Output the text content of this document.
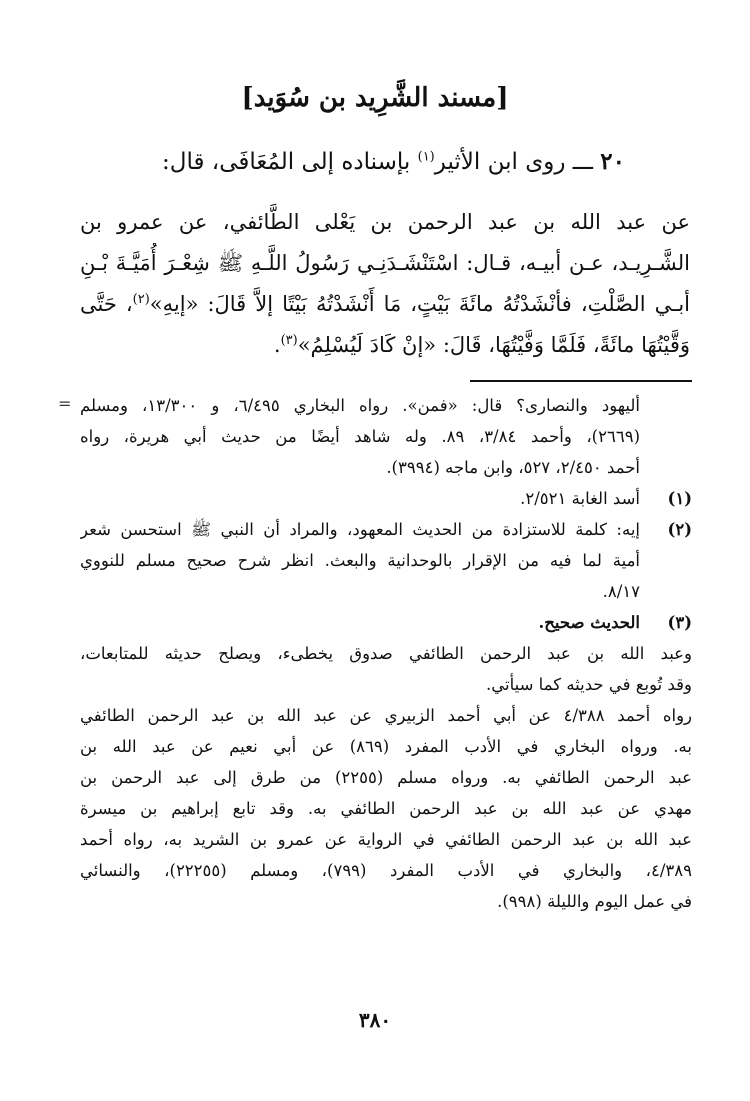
[مسند الشَّرِيد بن سُوَيد]
٢٠ ـــ روى ابن الأثير$^{(١)}$ بإسناده إلى المُعَافَى، قال:
عن عبد الله بن عبد الرحمن بن يَعْلى الطَّائفي، عن عمرو بن
الشَّـرِيـد، عـن أبيـه، قـال: اسْتَنْشَـدَنِـي رَسُولُ اللَّـهِ ﷺ شِعْـرَ أُمَيَّـةَ بْـنِ
أبـي الصَّلْتِ، فأنْشَدْتُهُ مائَةَ بَيْتٍ، مَا أَنْشَدْتُهُ بَيْتًا إلاَّ قَالَ: «إيهِ»$^{(٢)}$، حَتَّى
وَقَّيْتُهَا مائَةً، فَلَمَّا وَفَّيْتُهَا، قَالَ: «إنْ كَادَ لَيُسْلِمُ»$^{(٣)}$.
= أليهود والنصارى؟ قال: «فمن». رواه البخاري ٦/٤٩٥، و ١٣/٣٠٠، ومسلم
(٢٦٦٩)، وأحمد ٣/٨٤، ٨٩. وله شاهد أيضًا من حديث أبي هريرة، رواه
أحمد ٢/٤٥٠، ٥٢٧، وابن ماجه (٣٩٩٤).
(١)
أسد الغابة ٢/٥٢١.
(٢)
إيه: كلمة للاستزادة من الحديث المعهود، والمراد أن النبي ﷺ استحسن شعر
أمية لما فيه من الإقرار بالوحدانية والبعث. انظر شرح صحيح مسلم للنووي
٨/١٧.
(٣)
الحديث صحيح.
وعبد الله بن عبد الرحمن الطائفي صدوق يخطىء، ويصلح حديثه للمتابعات،
وقد تُوبع في حديثه كما سيأتي.
رواه أحمد ٤/٣٨٨ عن أبي أحمد الزبيري عن عبد الله بن عبد الرحمن الطائفي
به. ورواه البخاري في الأدب المفرد (٨٦٩) عن أبي نعيم عن عبد الله بن
عبد الرحمن الطائفي به. ورواه مسلم (٢٢٥٥) من طرق إلى عبد الرحمن بن
مهدي عن عبد الله بن عبد الرحمن الطائفي به. وقد تابع إبراهيم بن ميسرة
عبد الله بن عبد الرحمن الطائفي في الرواية عن عمرو بن الشريد به، رواه أحمد
٤/٣٨٩، والبخاري في الأدب المفرد (٧٩٩)، ومسلم (٢٢٢٥٥)، والنسائي
في عمل اليوم والليلة (٩٩٨).
٣٨٠
